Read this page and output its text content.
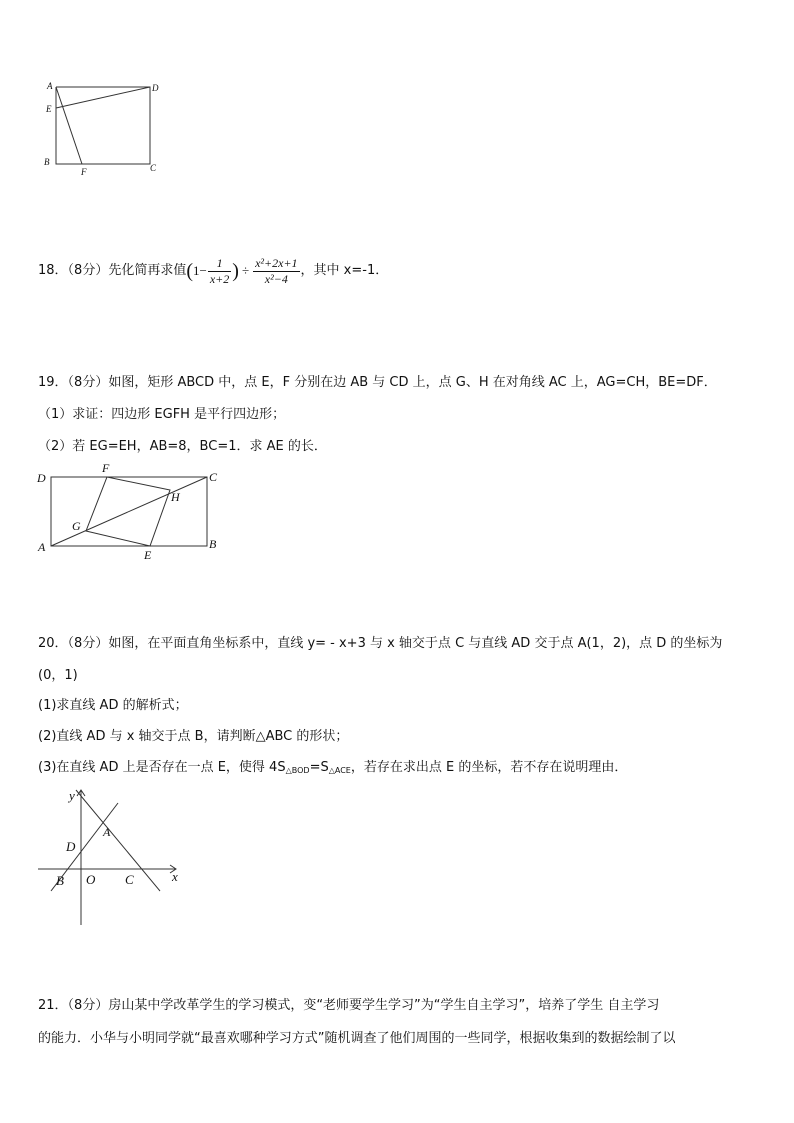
A	D
E
B
F	C
18．（8分）先化简再求值($1- \frac{1}{x+2}$ ) ÷ $\frac{\text{x²+2x+1}}{\text{x²−4}}$ ，其中 x=-1．
19．（8分）如图，矩形 ABCD 中，点 E，F 分别在边 AB 与 CD 上，点 G、H 在对角线 AC 上，AG=CH，BE=DF．
（1）求证：四边形 EGFH 是平行四边形；
（2）若 EG=EH，AB=8，BC=1．求 AE 的长．
D
F
C
H
G
A
E
B
20．（8分）如图，在平面直角坐标系中，直线 y= - x+3 与 x 轴交于点 C 与直线 AD 交于点 A(1，2)，点 D 的坐标为
(0，1)
(1)求直线 AD 的解析式；
(2)直线 AD 与 x 轴交于点 B，请判断△ABC 的形状；
(3)在直线 AD 上是否存在一点 E，使得 $4S_{\triangle BOD}=S_{\triangle ACE}$，若存在求出点 E 的坐标，若不存在说明理由．
y
A
D
B O C	x
21．（8分）房山某中学改革学生的学习模式，变“老师要学生学习”为“学生自主学习”，培养了学生 自主学习
的能力．小华与小明同学就“最喜欢哪种学习方式”随机调查了他们周围的一些同学，根据收集到的数据绘制了以
